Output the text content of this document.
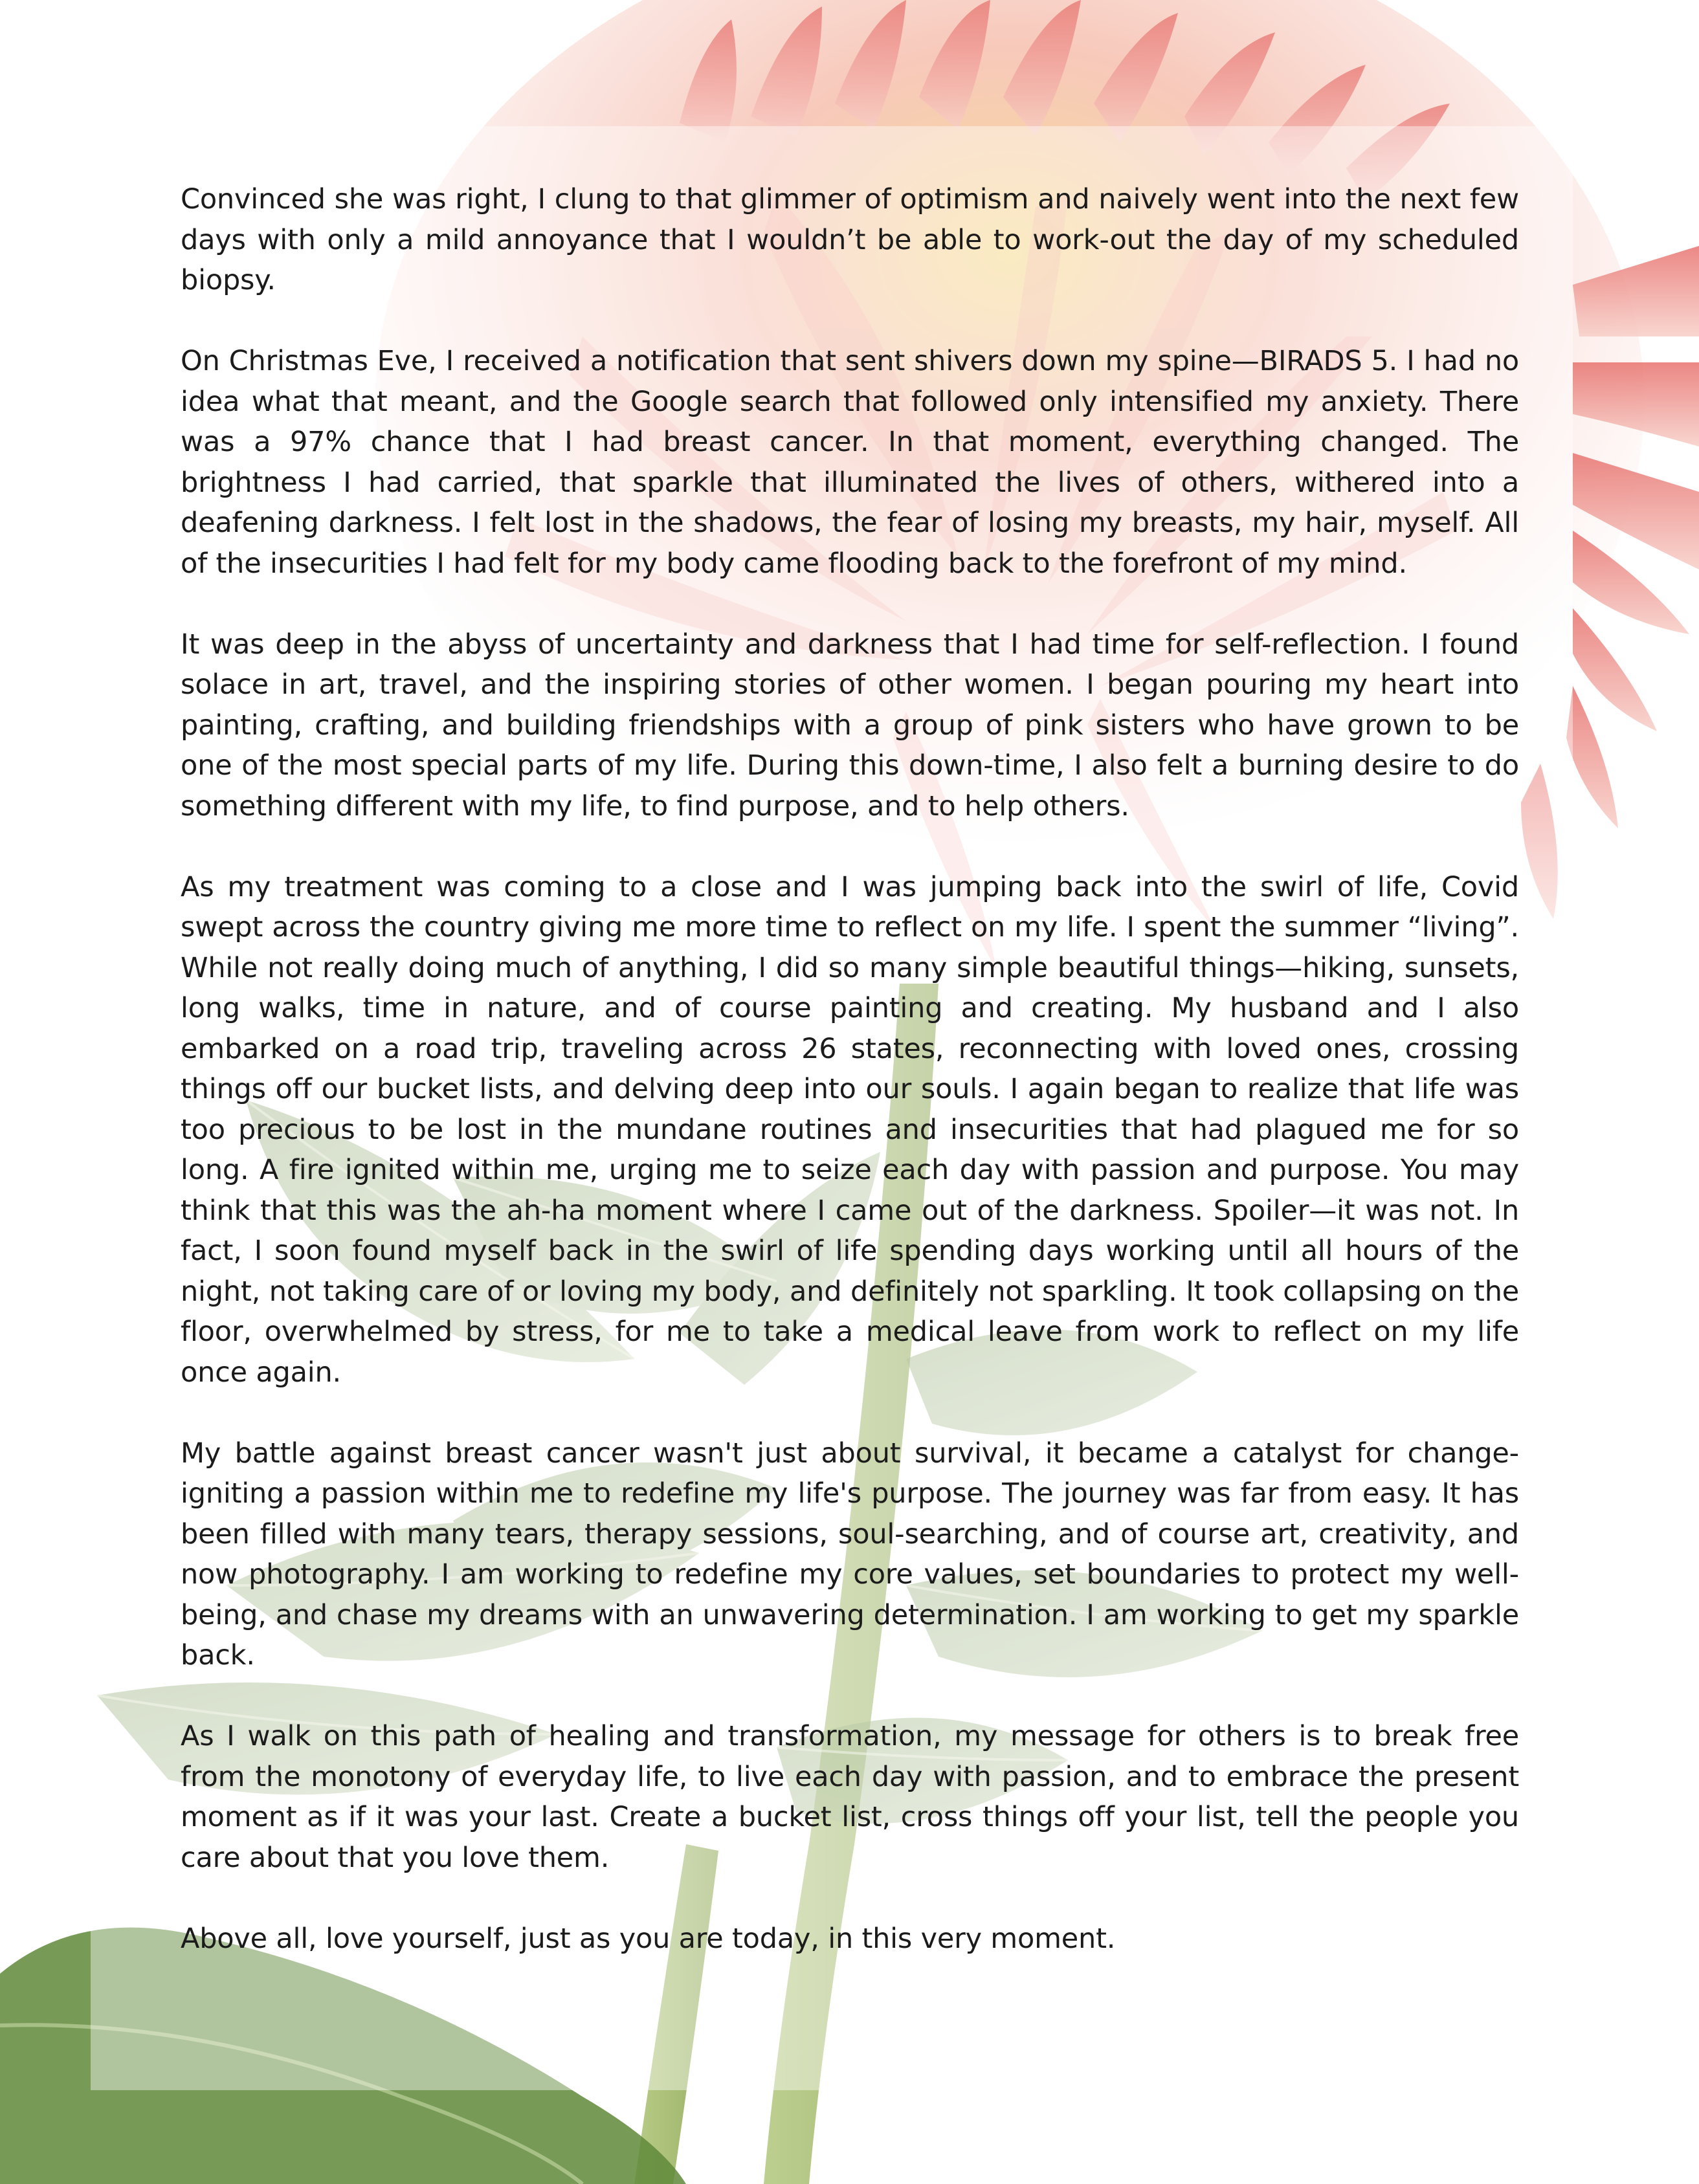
Convinced she was right, I clung to that glimmer of optimism and naively went into the next few days with only a mild annoyance that I wouldn’t be able to work-out the day of my scheduled biopsy.

On Christmas Eve, I received a notification that sent shivers down my spine—BIRADS 5. I had no idea what that meant, and the Google search that followed only intensified my anxiety. There was a 97% chance that I had breast cancer. In that moment, everything changed. The brightness I had carried, that sparkle that illuminated the lives of others, withered into a deafening darkness. I felt lost in the shadows, the fear of losing my breasts, my hair, myself. All of the insecurities I had felt for my body came flooding back to the forefront of my mind.

It was deep in the abyss of uncertainty and darkness that I had time for self-reflection. I found solace in art, travel, and the inspiring stories of other women. I began pouring my heart into painting, crafting, and building friendships with a group of pink sisters who have grown to be one of the most special parts of my life. During this down-time, I also felt a burning desire to do something different with my life, to find purpose, and to help others.

As my treatment was coming to a close and I was jumping back into the swirl of life, Covid swept across the country giving me more time to reflect on my life. I spent the summer “living”. While not really doing much of anything, I did so many simple beautiful things—hiking, sunsets, long walks, time in nature, and of course painting and creating. My husband and I also embarked on a road trip, traveling across 26 states, reconnecting with loved ones, crossing things off our bucket lists, and delving deep into our souls. I again began to realize that life was too precious to be lost in the mundane routines and insecurities that had plagued me for so long. A fire ignited within me, urging me to seize each day with passion and purpose. You may think that this was the ah-ha moment where I came out of the darkness. Spoiler—it was not. In fact, I soon found myself back in the swirl of life spending days working until all hours of the night, not taking care of or loving my body, and definitely not sparkling. It took collapsing on the floor, overwhelmed by stress, for me to take a medical leave from work to reflect on my life once again.

My battle against breast cancer wasn't just about survival, it became a catalyst for change-igniting a passion within me to redefine my life's purpose. The journey was far from easy. It has been filled with many tears, therapy sessions, soul-searching, and of course art, creativity, and now photography. I am working to redefine my core values, set boundaries to protect my well-being, and chase my dreams with an unwavering determination. I am working to get my sparkle back.

As I walk on this path of healing and transformation, my message for others is to break free from the monotony of everyday life, to live each day with passion, and to embrace the present moment as if it was your last. Create a bucket list, cross things off your list, tell the people you care about that you love them.

Above all, love yourself, just as you are today, in this very moment.
